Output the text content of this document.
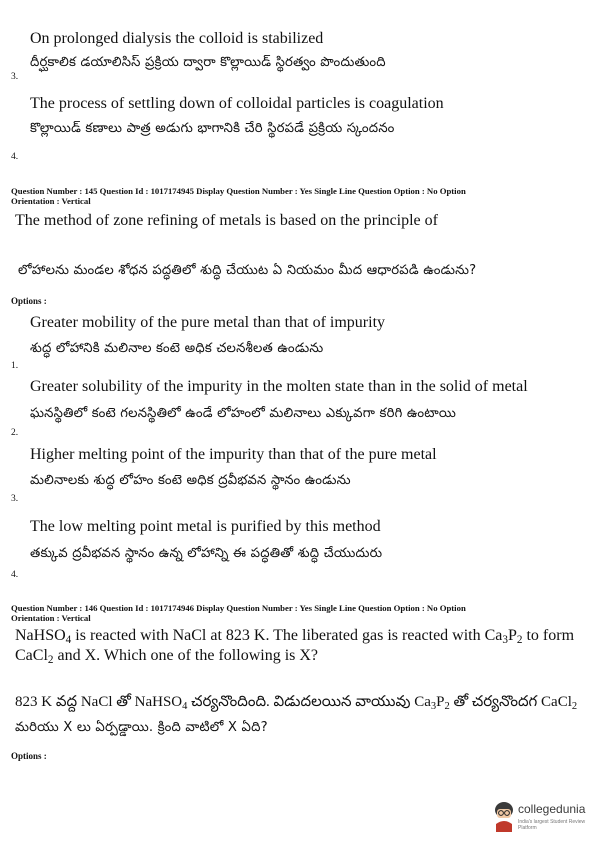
On prolonged dialysis the colloid is stabilized
దీర్ఘకాలిక డయాలిసిస్ ప్రక్రియ ద్వారా కొల్లాయిడ్ స్థిరత్వం పొందుతుంది
3.
The process of settling down of colloidal particles is coagulation
కొల్లాయిడ్ కణాలు పాత్ర అడుగు భాగానికి చేరి స్థిరపడే ప్రక్రియ స్కందనం
4.
Question Number : 145 Question Id : 1017174945 Display Question Number : Yes Single Line Question Option : No Option
Orientation : Vertical
The method of zone refining of metals is based on the principle of
లోహాలను మండల శోధన పద్ధతిలో శుద్ధి చేయుట ఏ నియమం మీద ఆధారపడి ఉండును?
Options :
Greater mobility of the pure metal than that of impurity
శుద్ధ లోహానికి మలినాల కంటె అధిక చలనశీలత ఉండును
1.
Greater solubility of the impurity in the molten state than in the solid of metal
ఘనస్థితిలో కంటె గలనస్థితిలో ఉండే లోహంలో మలినాలు ఎక్కువగా కరిగి ఉంటాయి
2.
Higher melting point of the impurity than that of the pure metal
మలినాలకు శుద్ధ లోహం కంటె అధిక ద్రవీభవన స్థానం ఉండును
3.
The low melting point metal is purified by this method
తక్కువ ద్రవీభవన స్థానం ఉన్న లోహాన్ని ఈ పద్ధతితో శుద్ధి చేయుదురు
4.
Question Number : 146 Question Id : 1017174946 Display Question Number : Yes Single Line Question Option : No Option
Orientation : Vertical
NaHSO$_4$ is reacted with NaCl at 823 K. The liberated gas is reacted with $Ca_3P_2$ to form
CaCl$_2$ and X. Which one of the following is X?
823 K వద్ద NaCl తో NaHSO$_4$ చర్యనొందింది. విడుదలయిన వాయువు $Ca_3P_2$ తో చర్యనొందగ CaCl$_2$
మరియు X లు ఏర్పడ్డాయి. క్రింది వాటిలో X ఏది?
Options :
collegedunia
India's largest Student Review Platform
